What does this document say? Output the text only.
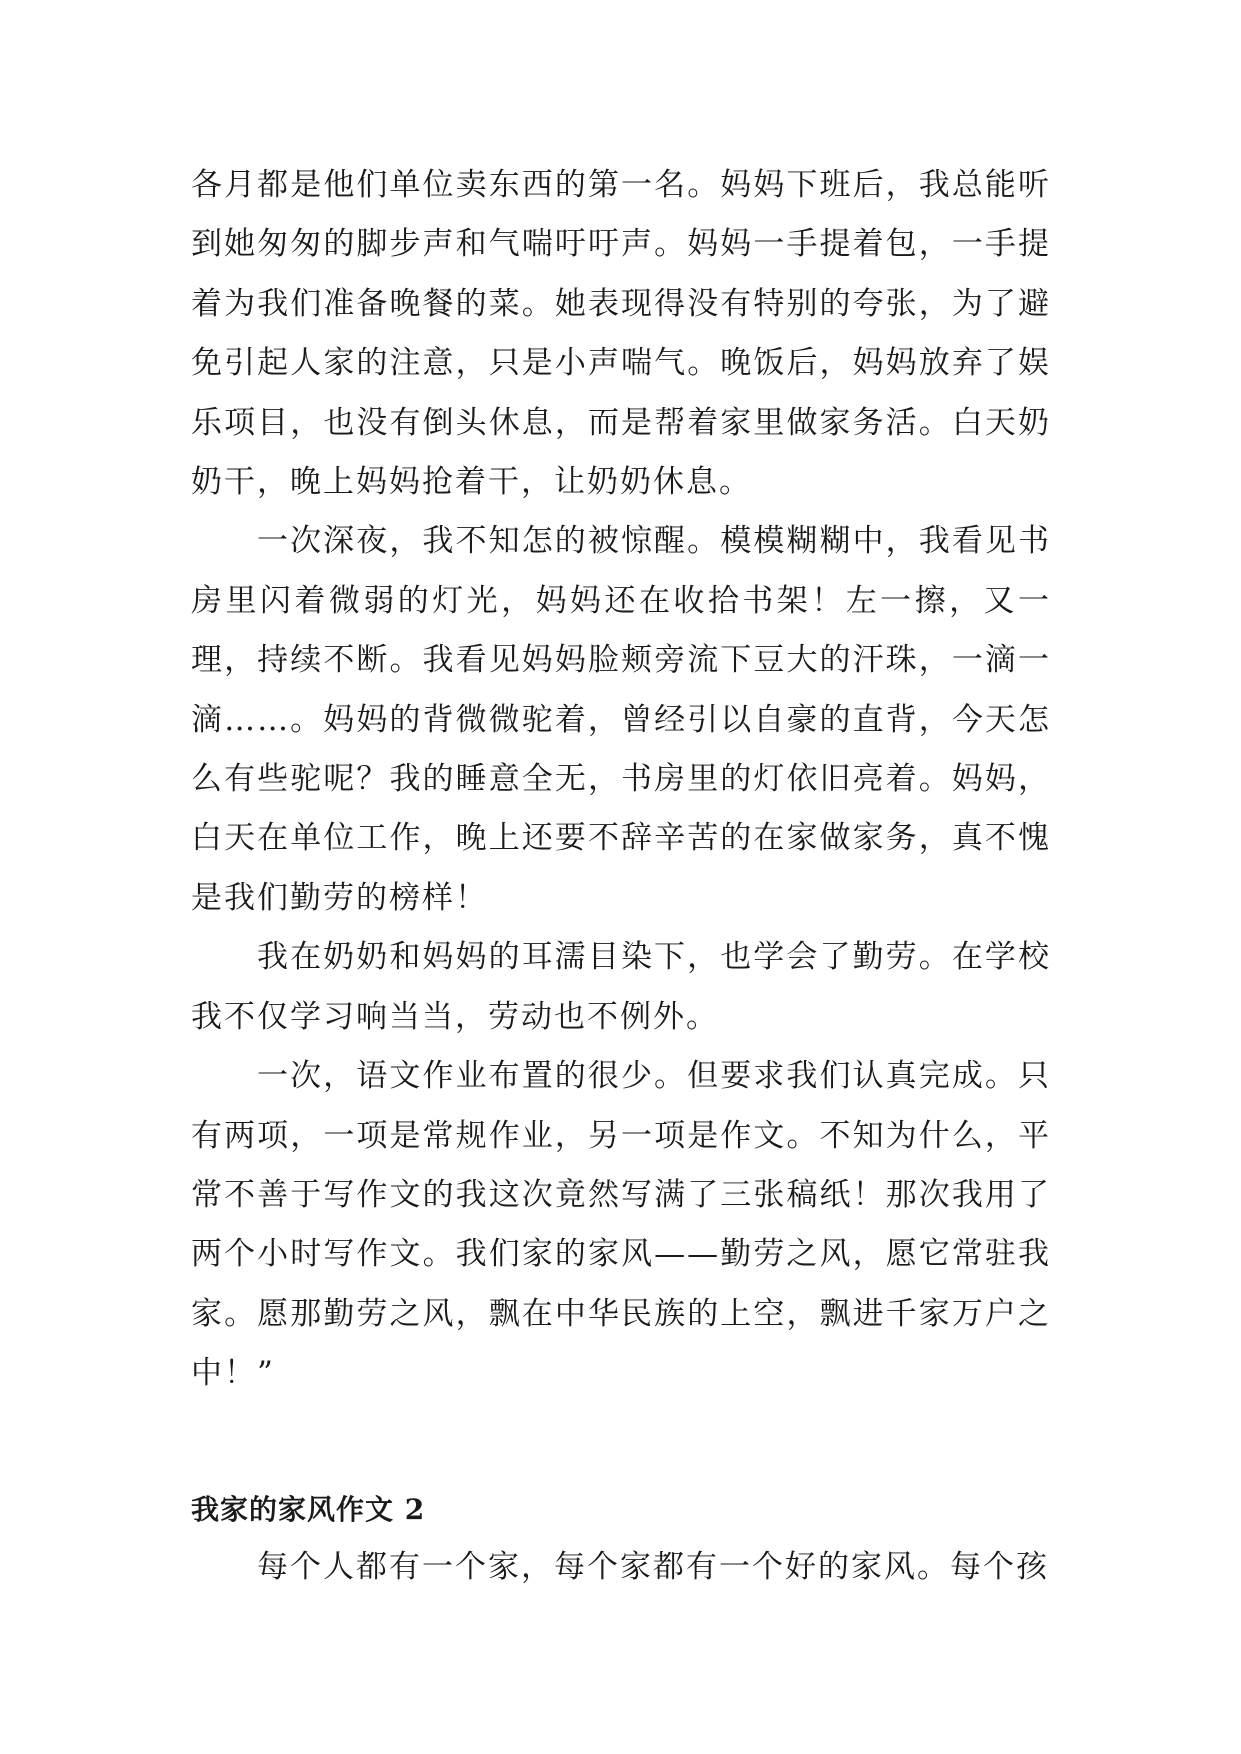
各月都是他们单位卖东西的第一名。妈妈下班后，我总能听到她匆匆的脚步声和气喘吁吁声。妈妈一手提着包，一手提着为我们准备晚餐的菜。她表现得没有特别的夸张，为了避免引起人家的注意，只是小声喘气。晚饭后，妈妈放弃了娱乐项目，也没有倒头休息，而是帮着家里做家务活。白天奶奶干，晚上妈妈抢着干，让奶奶休息。

一次深夜，我不知怎的被惊醒。模模糊糊中，我看见书房里闪着微弱的灯光，妈妈还在收拾书架！左一擦，又一理，持续不断。我看见妈妈脸颊旁流下豆大的汗珠，一滴一滴……。妈妈的背微微驼着，曾经引以自豪的直背，今天怎么有些驼呢？我的睡意全无，书房里的灯依旧亮着。妈妈，白天在单位工作，晚上还要不辞辛苦的在家做家务，真不愧是我们勤劳的榜样！

我在奶奶和妈妈的耳濡目染下，也学会了勤劳。在学校我不仅学习响当当，劳动也不例外。

一次，语文作业布置的很少。但要求我们认真完成。只有两项，一项是常规作业，另一项是作文。不知为什么，平常不善于写作文的我这次竟然写满了三张稿纸！那次我用了两个小时写作文。我们家的家风——勤劳之风，愿它常驻我家。愿那勤劳之风，飘在中华民族的上空，飘进千家万户之中！”

我家的家风作文 2

每个人都有一个家，每个家都有一个好的家风。每个孩
